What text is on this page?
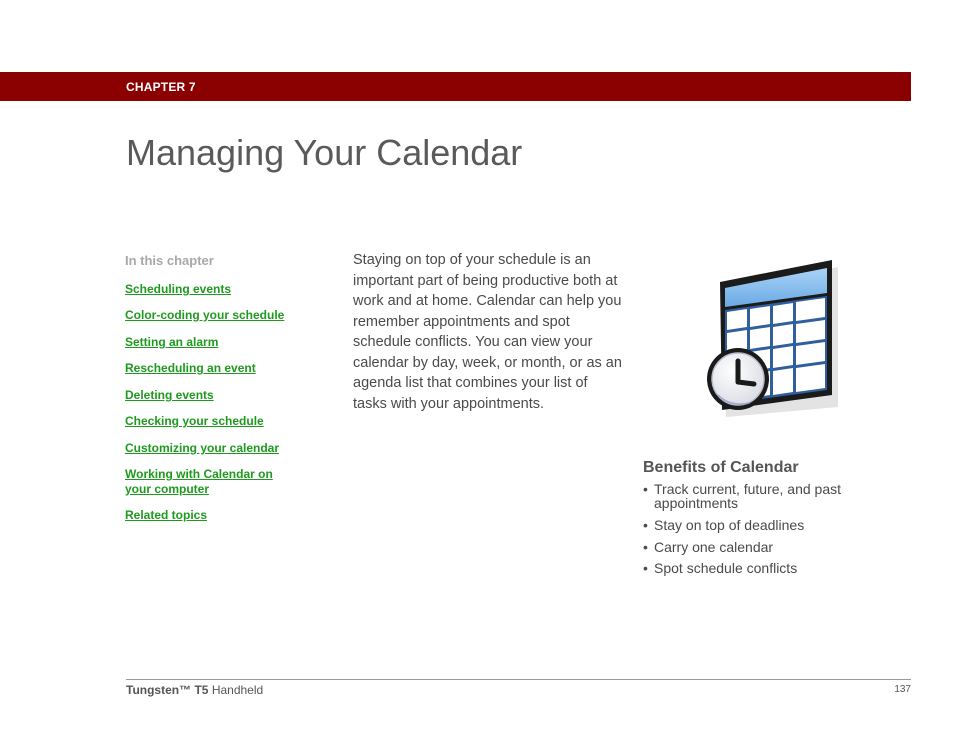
CHAPTER 7
Managing Your Calendar
In this chapter
Scheduling events
Color-coding your schedule
Setting an alarm
Rescheduling an event
Deleting events
Checking your schedule
Customizing your calendar
Working with Calendar on your computer
Related topics

Staying on top of your schedule is an important part of being productive both at work and at home. Calendar can help you remember appointments and spot schedule conflicts. You can view your calendar by day, week, or month, or as an agenda list that combines your list of tasks with your appointments.

Benefits of Calendar
• Track current, future, and past appointments
• Stay on top of deadlines
• Carry one calendar
• Spot schedule conflicts
Tungsten™ T5 Handheld	137
